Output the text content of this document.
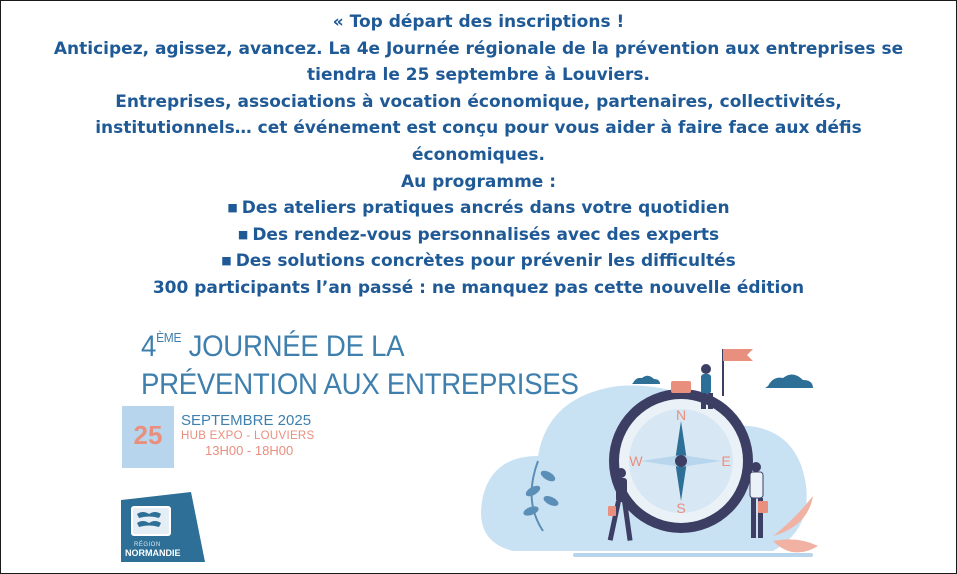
« Top départ des inscriptions !
Anticipez, agissez, avancez. La 4e Journée régionale de la prévention aux entreprises se
tiendra le 25 septembre à Louviers.
Entreprises, associations à vocation économique, partenaires, collectivités,
institutionnels… cet événement est conçu pour vous aider à faire face aux défis
économiques.
Au programme :
■ Des ateliers pratiques ancrés dans votre quotidien
■ Des rendez-vous personnalisés avec des experts
■ Des solutions concrètes pour prévenir les difficultés
300 participants l’an passé : ne manquez pas cette nouvelle édition
4ÈME JOURNÉE DE LA
PRÉVENTION AUX ENTREPRISES
25	SEPTEMBRE 2025
HUB EXPO - LOUVIERS
13H00 - 18H00
RÉGION
NORMANDIE
N
S
E
W
